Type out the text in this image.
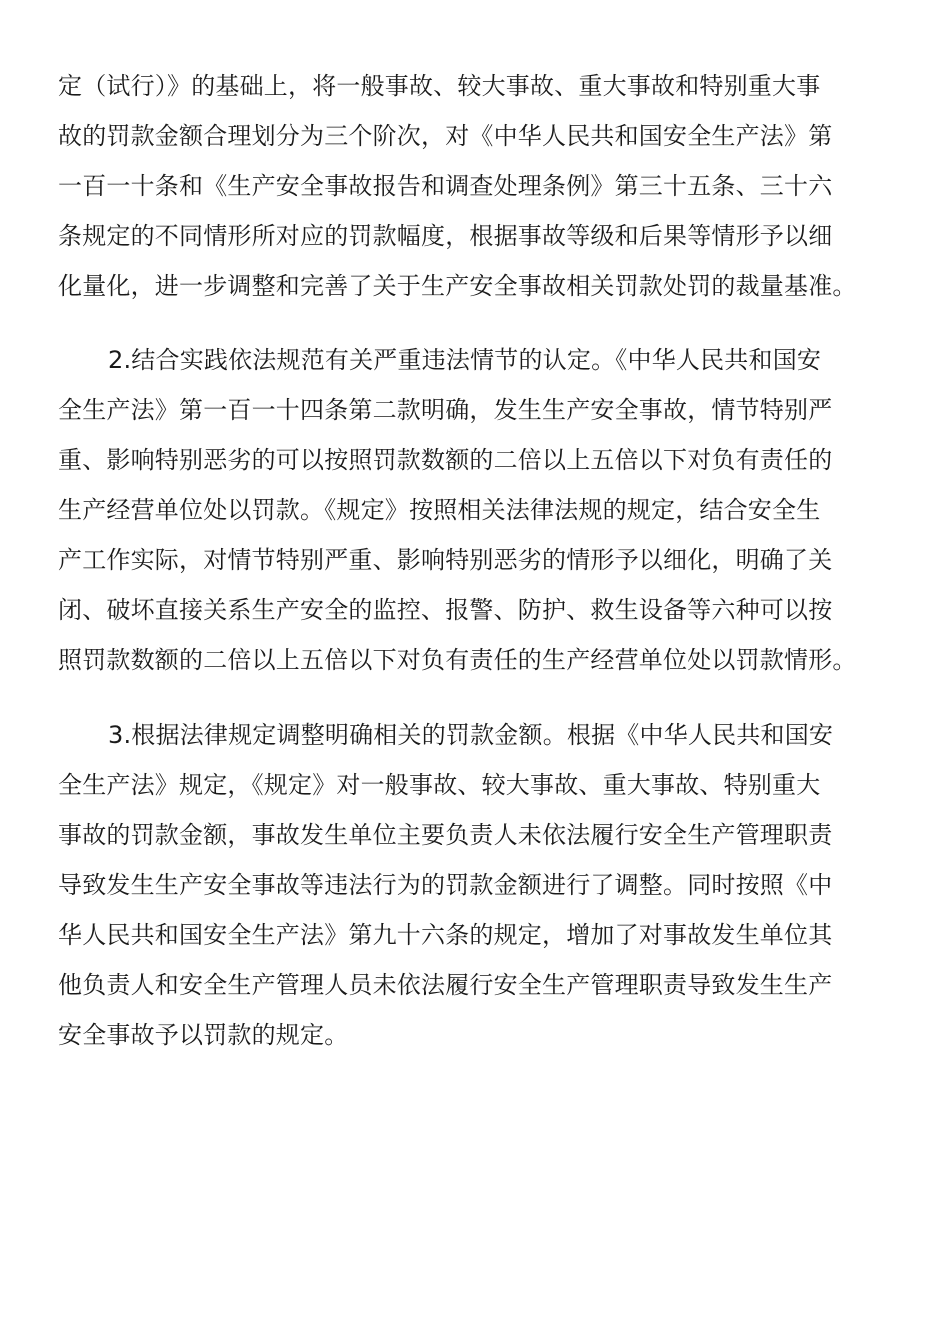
定（试行）》的基础上，将一般事故、较大事故、重大事故和特别重大事
故的罚款金额合理划分为三个阶次，对《中华人民共和国安全生产法》第
一百一十条和《生产安全事故报告和调查处理条例》第三十五条、三十六
条规定的不同情形所对应的罚款幅度，根据事故等级和后果等情形予以细
化量化，进一步调整和完善了关于生产安全事故相关罚款处罚的裁量基准。
2.结合实践依法规范有关严重违法情节的认定。《中华人民共和国安
全生产法》第一百一十四条第二款明确，发生生产安全事故，情节特别严
重、影响特别恶劣的可以按照罚款数额的二倍以上五倍以下对负有责任的
生产经营单位处以罚款。《规定》按照相关法律法规的规定，结合安全生
产工作实际，对情节特别严重、影响特别恶劣的情形予以细化，明确了关
闭、破坏直接关系生产安全的监控、报警、防护、救生设备等六种可以按
照罚款数额的二倍以上五倍以下对负有责任的生产经营单位处以罚款情形。
3.根据法律规定调整明确相关的罚款金额。根据《中华人民共和国安
全生产法》规定，《规定》对一般事故、较大事故、重大事故、特别重大
事故的罚款金额，事故发生单位主要负责人未依法履行安全生产管理职责
导致发生生产安全事故等违法行为的罚款金额进行了调整。同时按照《中
华人民共和国安全生产法》第九十六条的规定，增加了对事故发生单位其
他负责人和安全生产管理人员未依法履行安全生产管理职责导致发生生产
安全事故予以罚款的规定。
